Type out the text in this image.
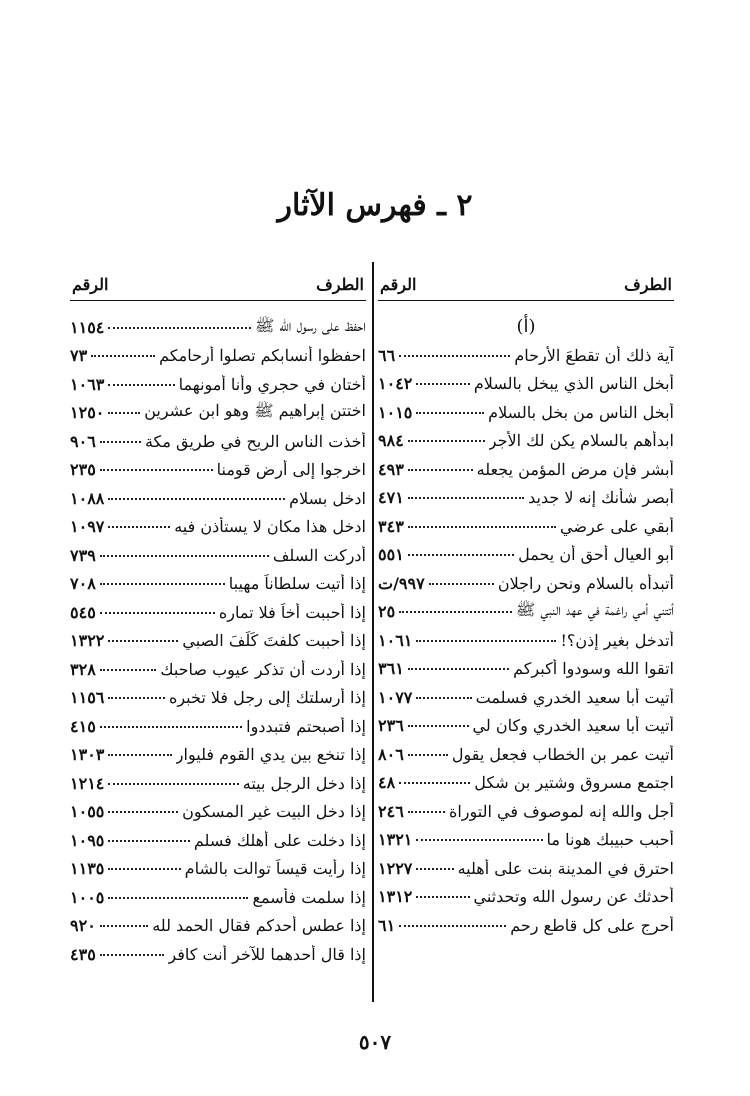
٢ ـ فهرس الآثار
الطرف
الرقم
(أ)
آية ذلك أن تقطعَ الأرحام
٦٦
أبخل الناس الذي يبخل بالسلام
١٠٤٢
أبخل الناس من بخل بالسلام
١٠١٥
ابدأهم بالسلام يكن لك الأجر
٩٨٤
أبشر فإن مرض المؤمن يجعله
٤٩٣
أبصر شأنك إنه لا جديد
٤٧١
أبقي على عرضي
٣٤٣
أبو العيال أحق أن يحمل
٥٥١
أتبدأه بالسلام ونحن راجلان
٩٩٧/ت
أتتني أمي راغمة في عهد النبي ﷺ
٢٥
أتدخل بغير إذن؟!
١٠٦١
اتقوا الله وسودوا أكبركم
٣٦١
أتيت أبا سعيد الخدري فسلمت
١٠٧٧
أتيت أبا سعيد الخدري وكان لي
٢٣٦
أتيت عمر بن الخطاب فجعل يقول
٨٠٦
اجتمع مسروق وشتير بن شكل
٤٨
أجل والله إنه لموصوف في التوراة
٢٤٦
أحبب حبيبك هونا ما
١٣٢١
احترق في المدينة بنت على أهليه
١٢٢٧
أحدثك عن رسول الله وتحدثني
١٣١٢
أحرج على كل قاطع رحم
٦١
الطرف
الرقم
احفظ على رسول الله ﷺ
١١٥٤
احفظوا أنسابكم تصلوا أرحامكم
٧٣
أختان في حجري وأنا أمونهما
١٠٦٣
اختتن إبراهيم ﷺ وهو ابن عشرين
١٢٥٠
أخذت الناس الريح في طريق مكة
٩٠٦
اخرجوا إلى أرض قومنا
٢٣٥
ادخل بسلام
١٠٨٨
ادخل هذا مكان لا يستأذن فيه
١٠٩٧
أدركت السلف
٧٣٩
إذا أتيت سلطاناً مهيبا
٧٠٨
إذا أحببت أخاً فلا تماره
٥٤٥
إذا أحببت كلفتَ كَلَفَ الصبي
١٣٢٢
إذا أردت أن تذكر عيوب صاحبك
٣٢٨
إذا أرسلتك إلى رجل فلا تخبره
١١٥٦
إذا أصبحتم فتبددوا
٤١٥
إذا تنخع بين يدي القوم فليوار
١٣٠٣
إذا دخل الرجل بيته
١٢١٤
إذا دخل البيت غير المسكون
١٠٥٥
إذا دخلت على أهلك فسلم
١٠٩٥
إذا رأيت قيساً توالت بالشام
١١٣٥
إذا سلمت فأسمع
١٠٠٥
إذا عطس أحدكم فقال الحمد لله
٩٢٠
إذا قال أحدهما للآخر أنت كافر
٤٣٥
٥٠٧
